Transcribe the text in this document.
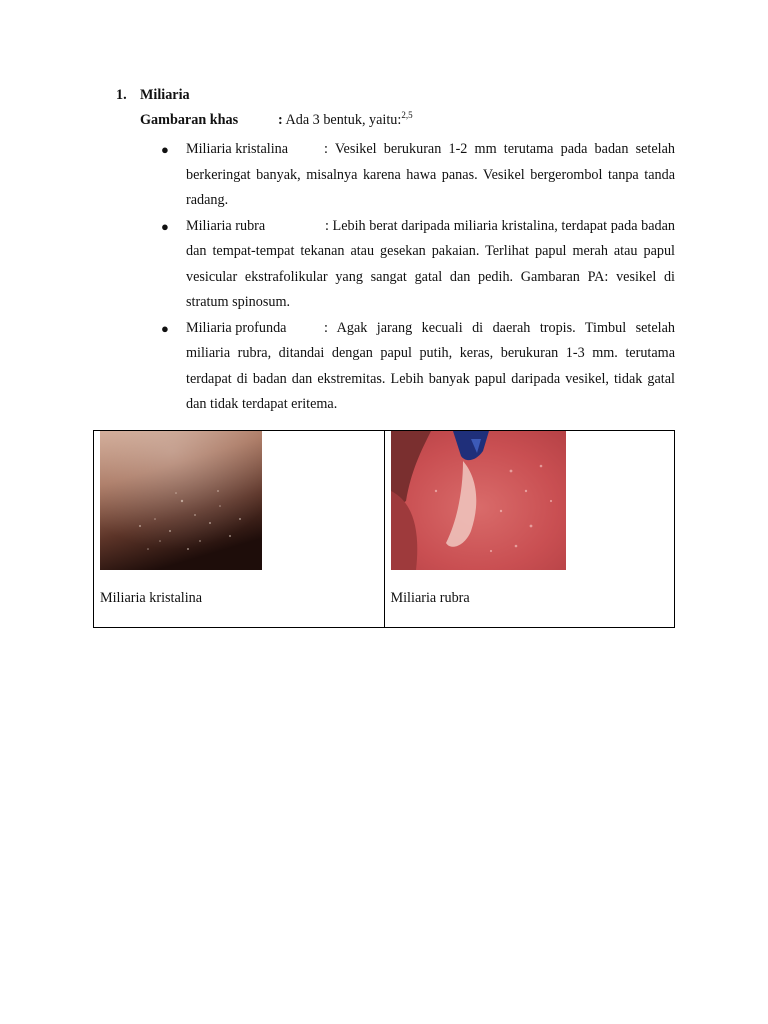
1. Miliaria
Gambaran khas	: Ada 3 bentuk, yaitu:$^{2,5}$
● Miliaria kristalina	: Vesikel berukuran 1-2 mm terutama pada badan setelah berkeringat banyak, misalnya karena hawa panas. Vesikel bergerombol tanpa tanda radang.
● Miliaria rubra	: Lebih berat daripada miliaria kristalina, terdapat pada badan dan tempat-tempat tekanan atau gesekan pakaian. Terlihat papul merah atau papul vesicular ekstrafolikular yang sangat gatal dan pedih. Gambaran PA: vesikel di stratum spinosum.
● Miliaria profunda	: Agak jarang kecuali di daerah tropis. Timbul setelah miliaria rubra, ditandai dengan papul putih, keras, berukuran 1-3 mm. terutama terdapat di badan dan ekstremitas. Lebih banyak papul daripada vesikel, tidak gatal dan tidak terdapat eritema.
Miliaria kristalina	Miliaria rubra
